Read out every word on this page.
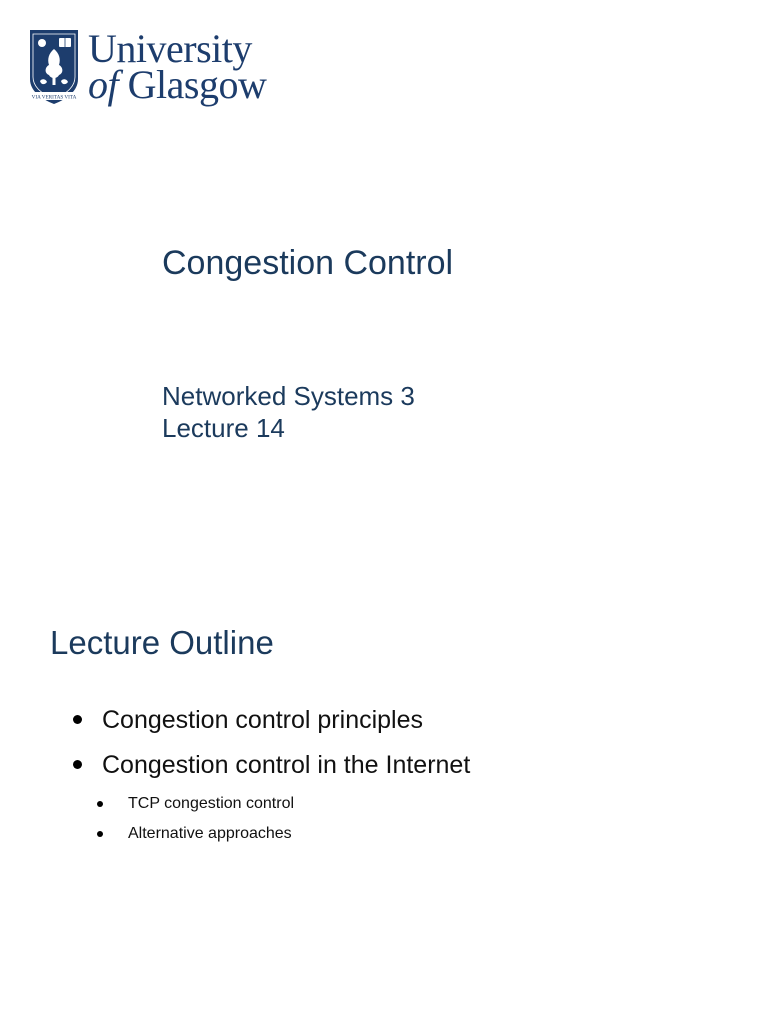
VIA VERITAS VITA
University
of Glasgow
Congestion Control
Networked Systems 3
Lecture 14
Lecture Outline
Congestion control principles
Congestion control in the Internet
TCP congestion control
Alternative approaches
